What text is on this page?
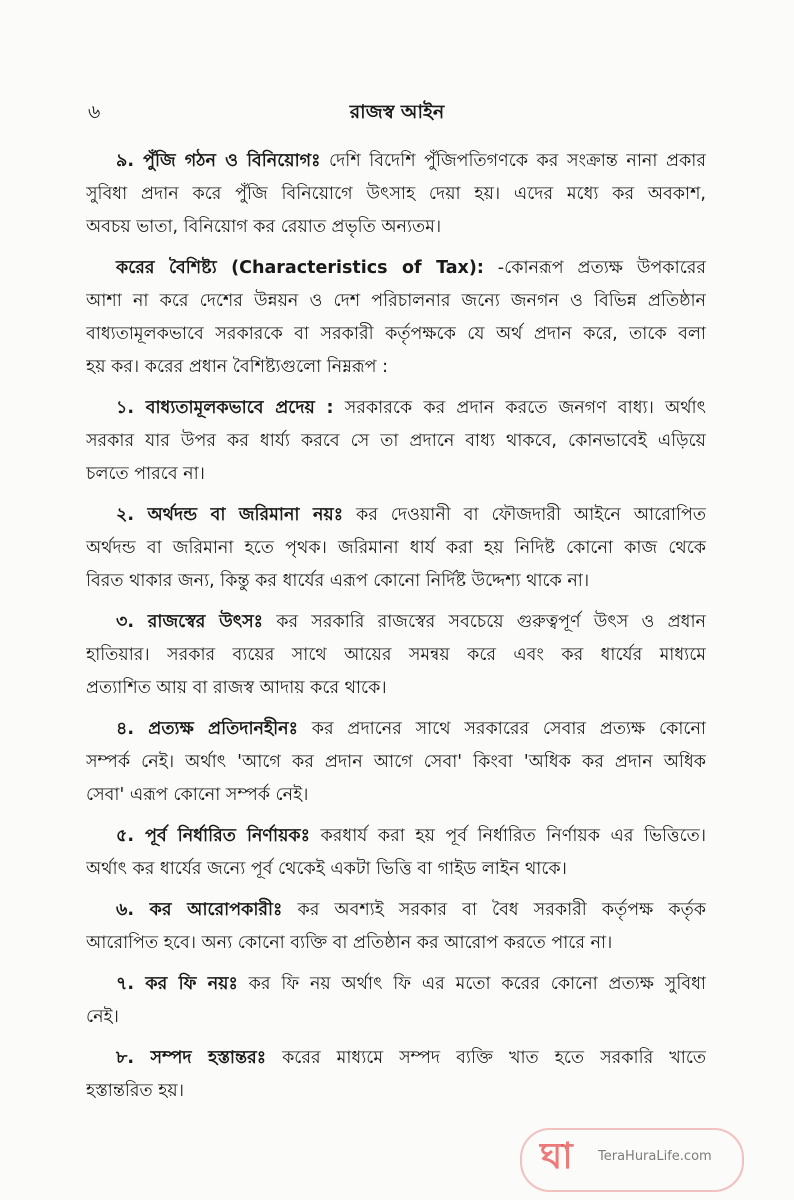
৬	রাজস্ব আইন
৯. পুঁজি গঠন ও বিনিয়োগঃ দেশি বিদেশি পুঁজিপতিগণকে কর সংক্রান্ত নানা প্রকার
সুবিধা প্রদান করে পুঁজি বিনিয়োগে উৎসাহ দেয়া হয়। এদের মধ্যে কর অবকাশ,
অবচয় ভাতা, বিনিয়োগ কর রেয়াত প্রভৃতি অন্যতম।
করের বৈশিষ্ট্য (Characteristics of Tax): -কোনরূপ প্রত্যক্ষ উপকারের
আশা না করে দেশের উন্নয়ন ও দেশ পরিচালনার জন্যে জনগন ও বিভিন্ন প্রতিষ্ঠান
বাধ্যতামূলকভাবে সরকারকে বা সরকারী কর্তৃপক্ষকে যে অর্থ প্রদান করে, তাকে বলা
হয় কর। করের প্রধান বৈশিষ্ট্যগুলো নিম্নরূপ :
১. বাধ্যতামূলকভাবে প্রদেয় : সরকারকে কর প্রদান করতে জনগণ বাধ্য। অর্থাৎ
সরকার যার উপর কর ধার্য্য করবে সে তা প্রদানে বাধ্য থাকবে, কোনভাবেই এড়িয়ে
চলতে পারবে না।
২. অর্থদন্ড বা জরিমানা নয়ঃ কর দেওয়ানী বা ফৌজদারী আইনে আরোপিত
অর্থদন্ড বা জরিমানা হতে পৃথক। জরিমানা ধার্য করা হয় নিদিষ্ট কোনো কাজ থেকে
বিরত থাকার জন্য, কিন্তু কর ধার্যের এরূপ কোনো নির্দিষ্ট উদ্দেশ্য থাকে না।
৩. রাজস্বের উৎসঃ কর সরকারি রাজস্বের সবচেয়ে গুরুত্বপূর্ণ উৎস ও প্রধান
হাতিয়ার। সরকার ব্যয়ের সাথে আয়ের সমন্বয় করে এবং কর ধার্যের মাধ্যমে
প্রত্যাশিত আয় বা রাজস্ব আদায় করে থাকে।
৪. প্রত্যক্ষ প্রতিদানহীনঃ কর প্রদানের সাথে সরকারের সেবার প্রত্যক্ষ কোনো
সম্পর্ক নেই। অর্থাৎ 'আগে কর প্রদান আগে সেবা' কিংবা 'অধিক কর প্রদান অধিক
সেবা' এরূপ কোনো সম্পর্ক নেই।
৫. পূর্ব নির্ধারিত নির্ণায়কঃ করধার্য করা হয় পূর্ব নির্ধারিত নির্ণায়ক এর ভিত্তিতে।
অর্থাৎ কর ধার্যের জন্যে পূর্ব থেকেই একটা ভিত্তি বা গাইড লাইন থাকে।
৬. কর আরোপকারীঃ কর অবশ্যই সরকার বা বৈধ সরকারী কর্তৃপক্ষ কর্তৃক
আরোপিত হবে। অন্য কোনো ব্যক্তি বা প্রতিষ্ঠান কর আরোপ করতে পারে না।
৭. কর ফি নয়ঃ কর ফি নয় অর্থাৎ ফি এর মতো করের কোনো প্রত্যক্ষ সুবিধা
নেই।
৮. সম্পদ হস্তান্তরঃ করের মাধ্যমে সম্পদ ব্যক্তি খাত হতে সরকারি খাতে
হস্তান্তরিত হয়।
ঘা TeraHuraLife.com
